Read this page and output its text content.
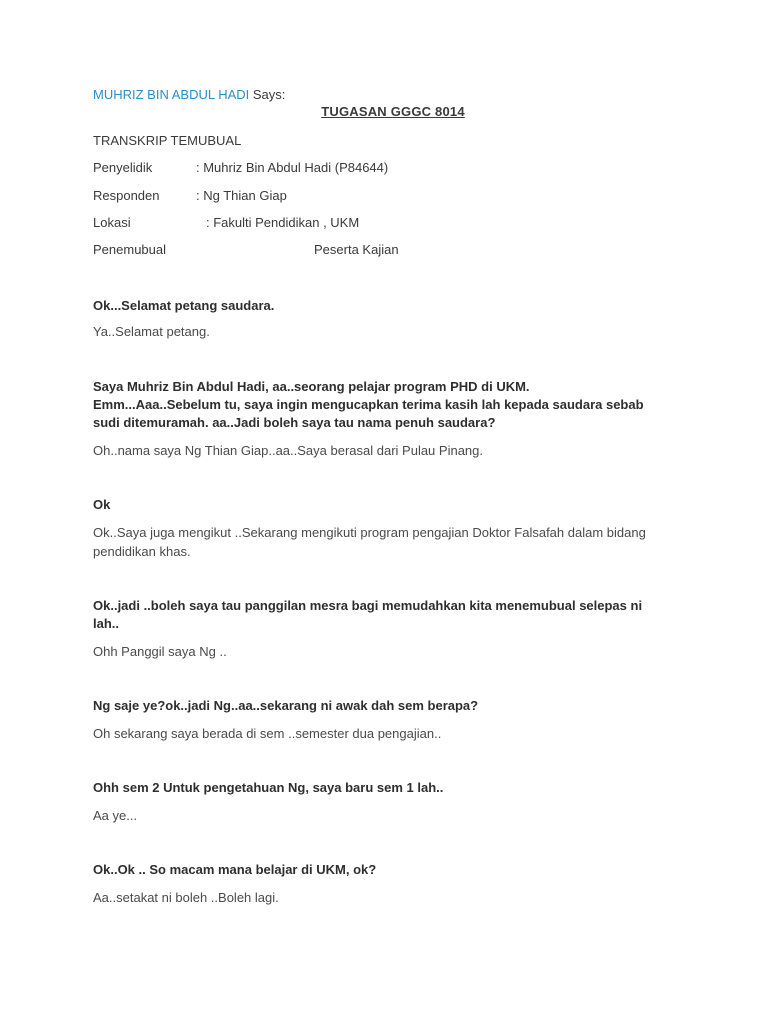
MUHRIZ BIN ABDUL HADI Says:
TUGASAN GGGC 8014
TRANSKRIP TEMUBUAL
Penyelidik	: Muhriz Bin Abdul Hadi (P84644)
Responden	: Ng Thian Giap
Lokasi	: Fakulti Pendidikan , UKM
Penemubual	Peserta Kajian
Ok...Selamat petang saudara.
Ya..Selamat petang.
Saya Muhriz Bin Abdul Hadi, aa..seorang pelajar program PHD di UKM.
Emm...Aaa..Sebelum tu, saya ingin mengucapkan terima kasih lah kepada saudara sebab
sudi ditemuramah. aa..Jadi boleh saya tau nama penuh saudara?
Oh..nama saya Ng Thian Giap..aa..Saya berasal dari Pulau Pinang.
Ok
Ok..Saya juga mengikut ..Sekarang mengikuti program pengajian Doktor Falsafah dalam bidang
pendidikan khas.
Ok..jadi ..boleh saya tau panggilan mesra bagi memudahkan kita menemubual selepas ni
lah..
Ohh Panggil saya Ng ..
Ng saje ye?ok..jadi Ng..aa..sekarang ni awak dah sem berapa?
Oh sekarang saya berada di sem ..semester dua pengajian..
Ohh sem 2 Untuk pengetahuan Ng, saya baru sem 1 lah..
Aa ye...
Ok..Ok .. So macam mana belajar di UKM, ok?
Aa..setakat ni boleh ..Boleh lagi.
